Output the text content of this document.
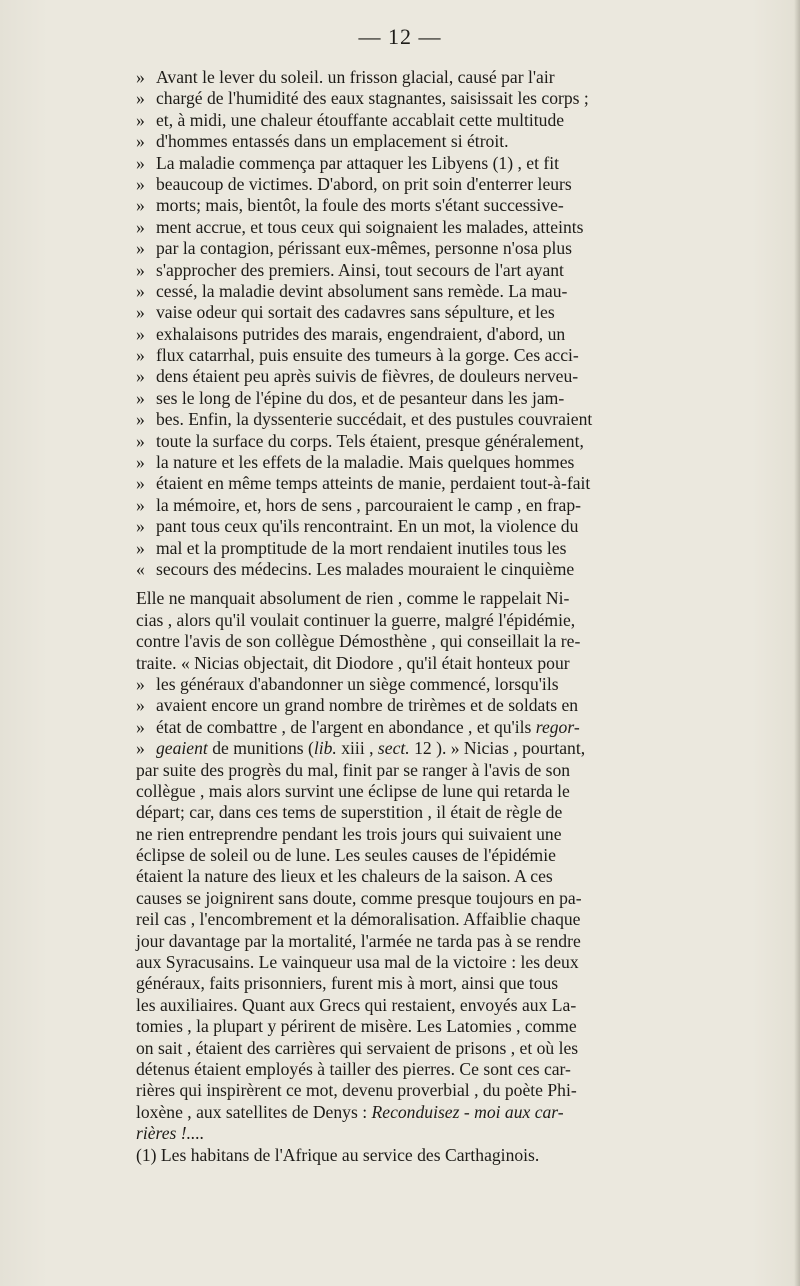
— 12 —
» Avant le lever du soleil. un frisson glacial, causé par l'air
» chargé de l'humidité des eaux stagnantes, saisissait les corps ;
» et, à midi, une chaleur étouffante accablait cette multitude
» d'hommes entassés dans un emplacement si étroit.
» La maladie commença par attaquer les Libyens (1) , et fit
» beaucoup de victimes. D'abord, on prit soin d'enterrer leurs
» morts; mais, bientôt, la foule des morts s'étant successive-
» ment accrue, et tous ceux qui soignaient les malades, atteints
» par la contagion, périssant eux-mêmes, personne n'osa plus
» s'approcher des premiers. Ainsi, tout secours de l'art ayant
» cessé, la maladie devint absolument sans remède. La mau-
» vaise odeur qui sortait des cadavres sans sépulture, et les
» exhalaisons putrides des marais, engendraient, d'abord, un
» flux catarrhal, puis ensuite des tumeurs à la gorge. Ces acci-
» dens étaient peu après suivis de fièvres, de douleurs nerveu-
» ses le long de l'épine du dos, et de pesanteur dans les jam-
» bes. Enfin, la dyssenterie succédait, et des pustules couvraient
» toute la surface du corps. Tels étaient, presque généralement,
» la nature et les effets de la maladie. Mais quelques hommes
» étaient en même temps atteints de manie, perdaient tout-à-fait
» la mémoire, et, hors de sens , parcouraient le camp , en frap-
» pant tous ceux qu'ils rencontraint. En un mot, la violence du
» mal et la promptitude de la mort rendaient inutiles tous les
« secours des médecins. Les malades mouraient le cinquième
Elle ne manquait absolument de rien , comme le rappelait Ni-
cias , alors qu'il voulait continuer la guerre, malgré l'épidémie,
contre l'avis de son collègue Démosthène , qui conseillait la re-
traite. « Nicias objectait, dit Diodore , qu'il était honteux pour
» les généraux d'abandonner un siège commencé, lorsqu'ils
» avaient encore un grand nombre de trirèmes et de soldats en
» état de combattre , de l'argent en abondance , et qu'ils regor-
» geaient de munitions (lib. xiii , sect. 12 ). » Nicias , pourtant,
par suite des progrès du mal, finit par se ranger à l'avis de son
collègue , mais alors survint une éclipse de lune qui retarda le
départ; car, dans ces tems de superstition , il était de règle de
ne rien entreprendre pendant les trois jours qui suivaient une
éclipse de soleil ou de lune. Les seules causes de l'épidémie
étaient la nature des lieux et les chaleurs de la saison. A ces
causes se joignirent sans doute, comme presque toujours en pa-
reil cas , l'encombrement et la démoralisation. Affaiblie chaque
jour davantage par la mortalité, l'armée ne tarda pas à se rendre
aux Syracusains. Le vainqueur usa mal de la victoire : les deux
généraux, faits prisonniers, furent mis à mort, ainsi que tous
les auxiliaires. Quant aux Grecs qui restaient, envoyés aux La-
tomies , la plupart y périrent de misère. Les Latomies , comme
on sait , étaient des carrières qui servaient de prisons , et où les
détenus étaient employés à tailler des pierres. Ce sont ces car-
rières qui inspirèrent ce mot, devenu proverbial , du poète Phi-
loxène , aux satellites de Denys : Reconduisez - moi aux car-
rières !....
(1) Les habitans de l'Afrique au service des Carthaginois.
